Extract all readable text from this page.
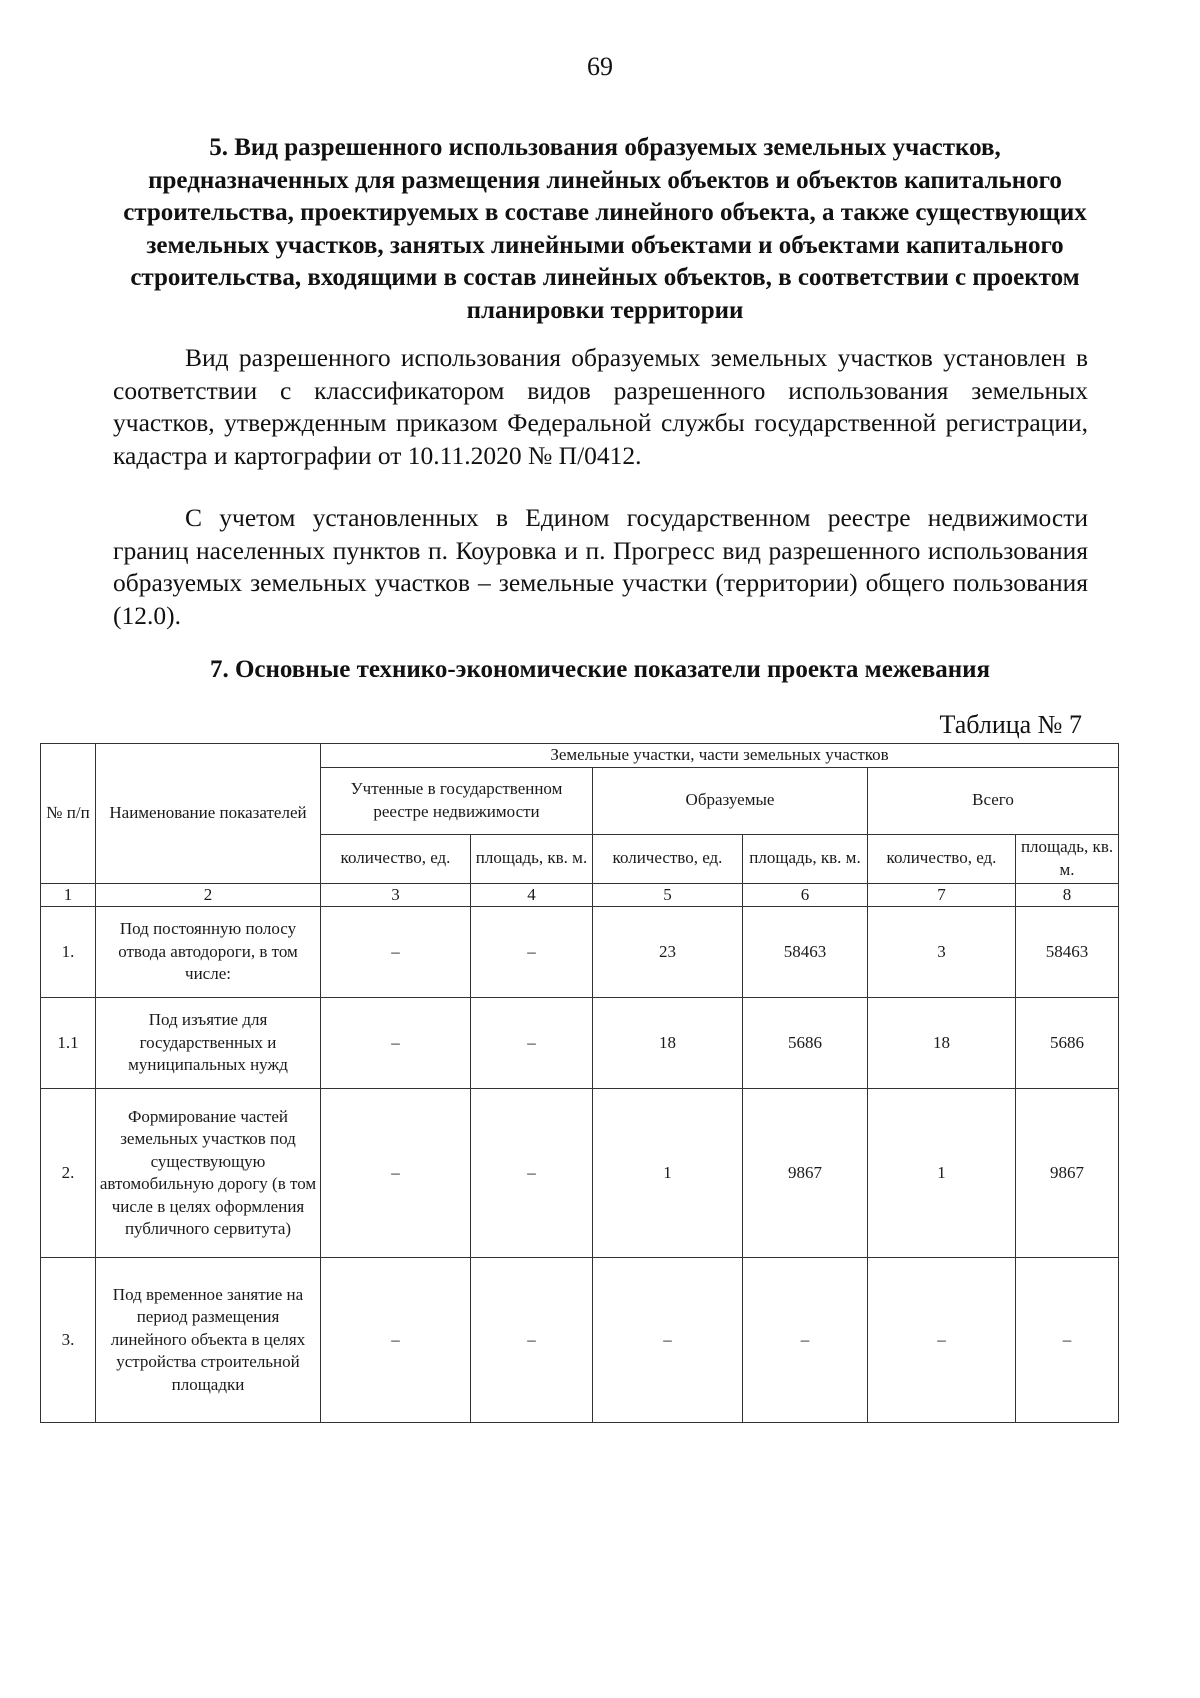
69
5. Вид разрешенного использования образуемых земельных участков, предназначенных для размещения линейных объектов и объектов капитального строительства, проектируемых в составе линейного объекта, а также существующих земельных участков, занятых линейными объектами и объектами капитального строительства, входящими в состав линейных объектов, в соответствии с проектом планировки территории
Вид разрешенного использования образуемых земельных участков установлен в соответствии с классификатором видов разрешенного использования земельных участков, утвержденным приказом Федеральной службы государственной регистрации, кадастра и картографии от 10.11.2020 № П/0412.
С учетом установленных в Едином государственном реестре недвижимости границ населенных пунктов п. Коуровка и п. Прогресс вид разрешенного использования образуемых земельных участков – земельные участки (территории) общего пользования (12.0).
7. Основные технико-экономические показатели проекта межевания
Таблица № 7
№ п/п	Наименование показателей	Земельные участки, части земельных участков					
		Учтенные в государственном реестре недвижимости		Образуемые		Всего	
		количество, ед.	площадь, кв. м.	количество, ед.	площадь, кв. м.	количество, ед.	площадь, кв. м.
1	2	3	4	5	6	7	8
1.	Под постоянную полосу отвода автодороги, в том числе:	–	–	23	58463	3	58463
1.1	Под изъятие для государственных и муниципальных нужд	–	–	18	5686	18	5686
2.	Формирование частей земельных участков под существующую автомобильную дорогу (в том числе в целях оформления публичного сервитута)	–	–	1	9867	1	9867
3.	Под временное занятие на период размещения линейного объекта в целях устройства строительной площадки	–	–	–	–	–	–
